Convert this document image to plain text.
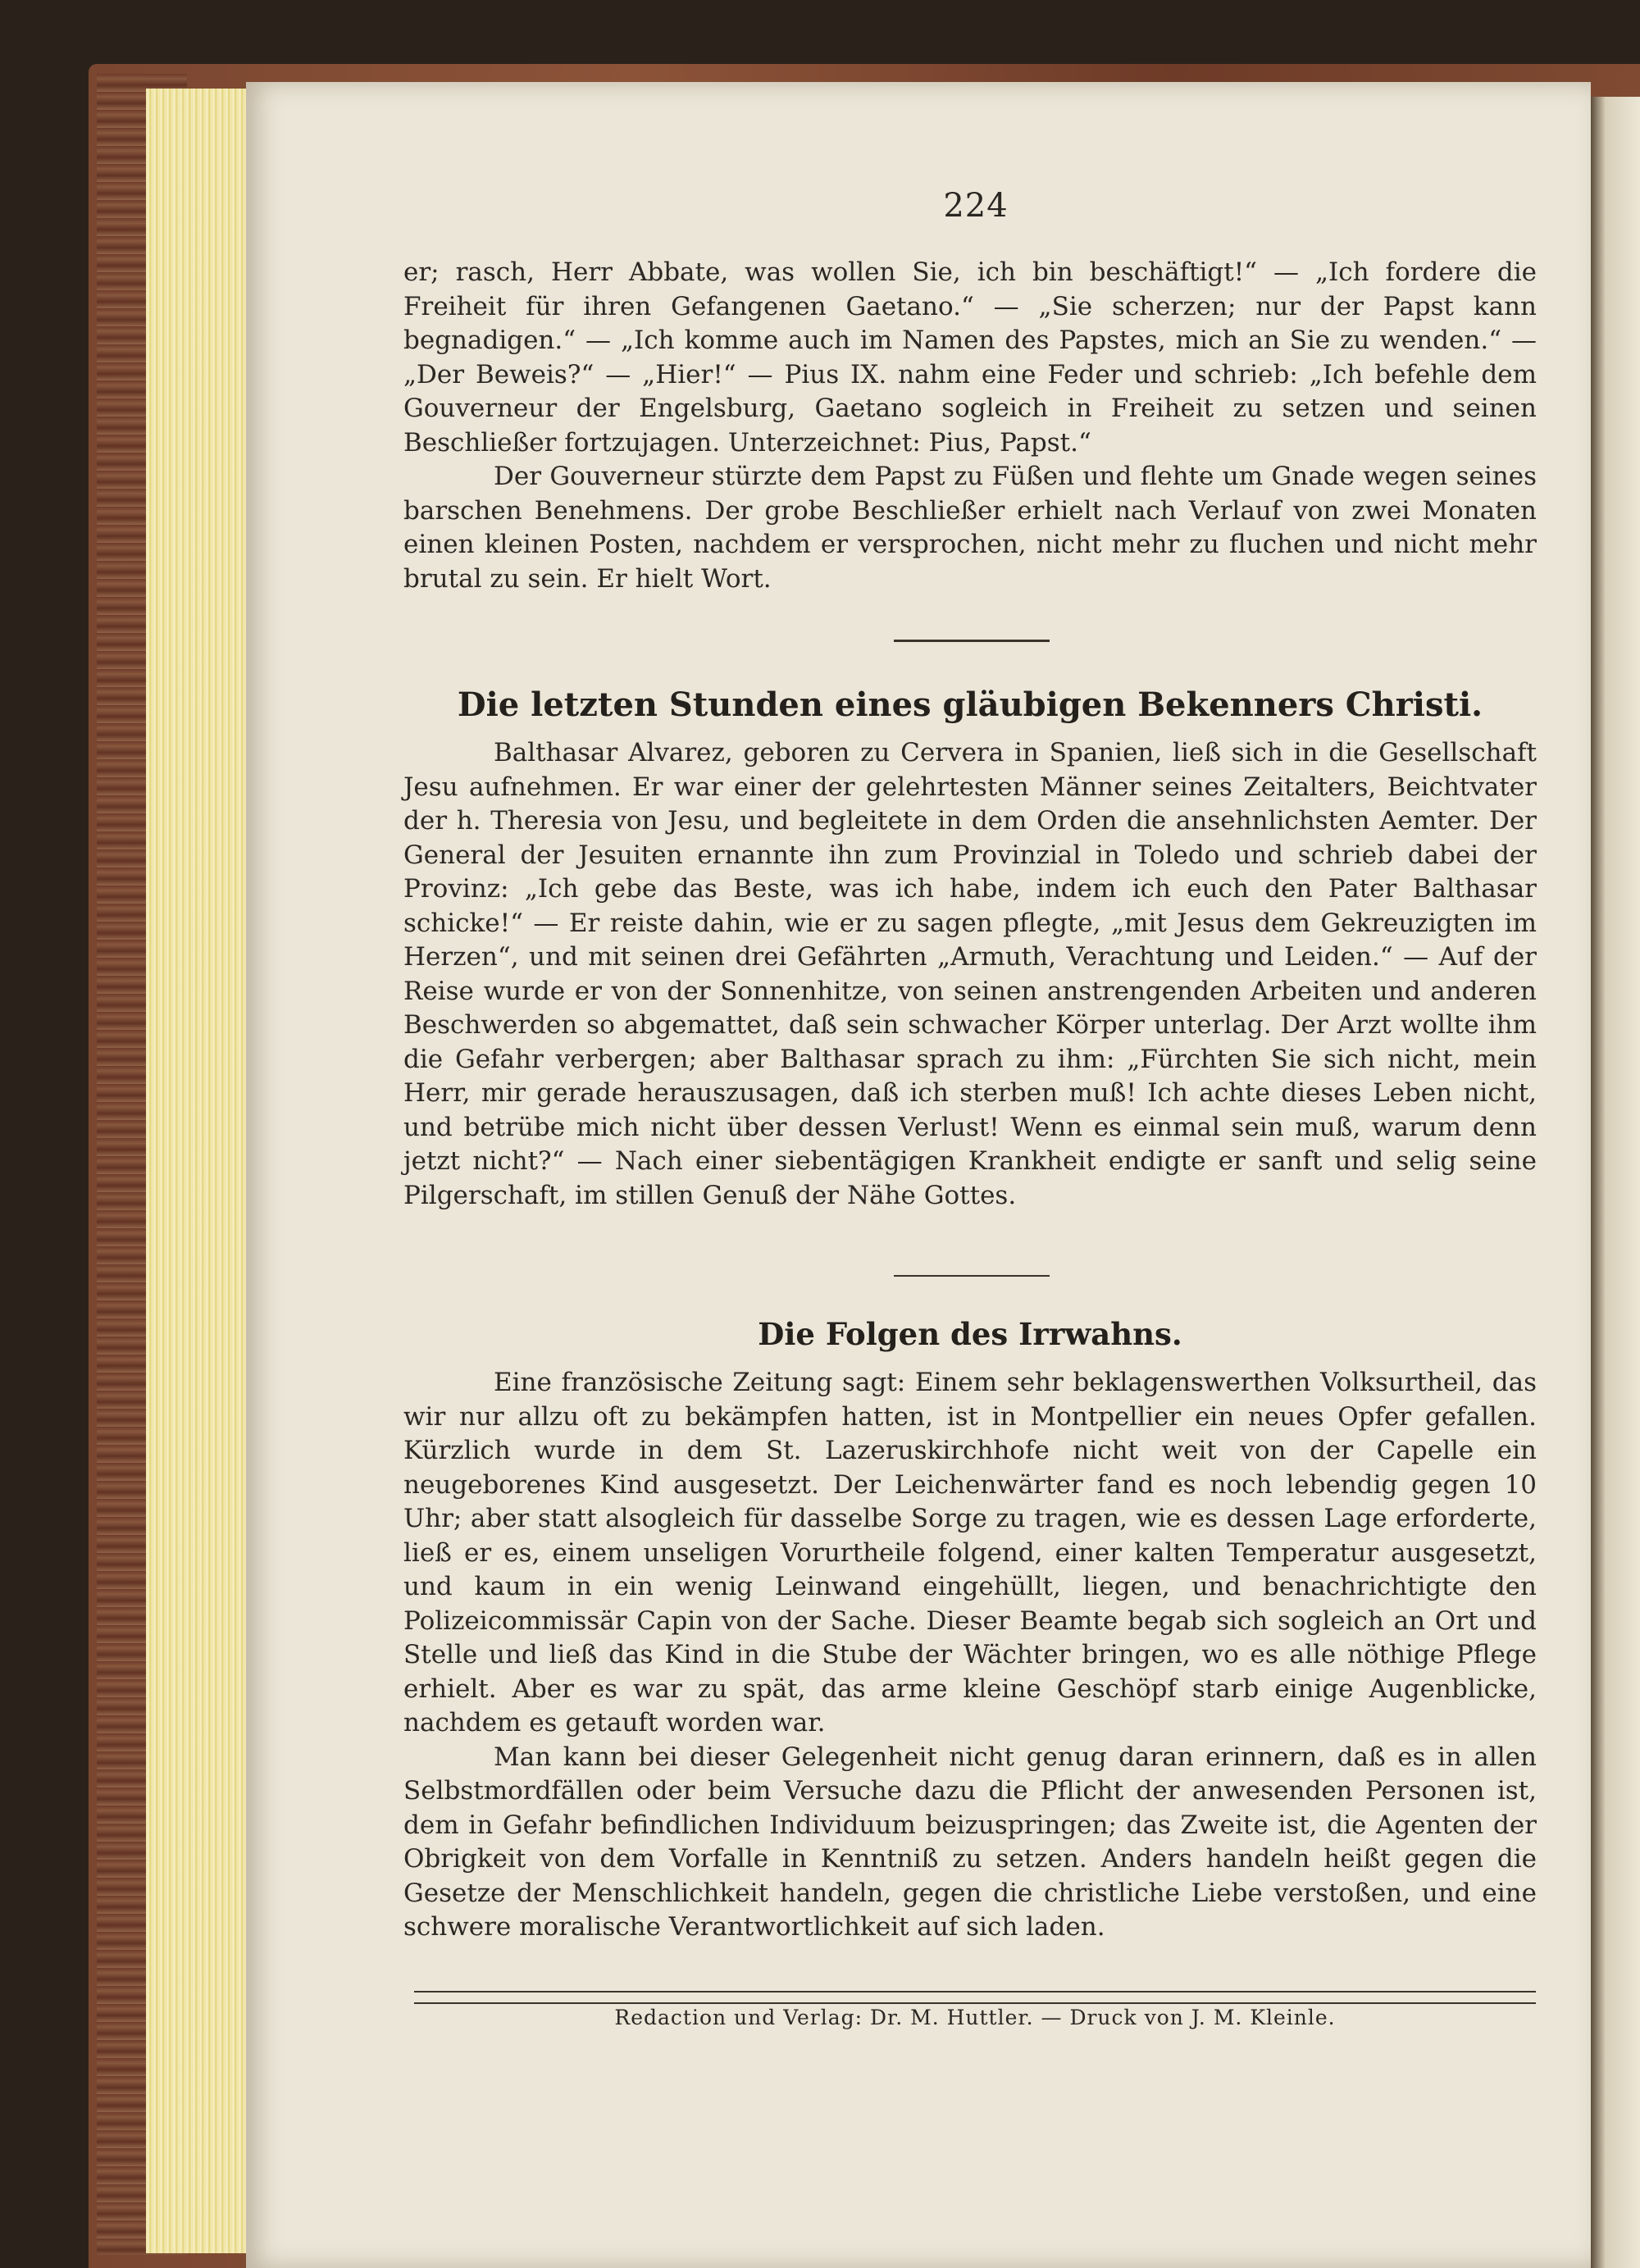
224

er; rasch, Herr Abbate, was wollen Sie, ich bin beschäftigt!“ — „Ich fordere die Freiheit für ihren Gefangenen Gaetano.“ — „Sie scherzen; nur der Papst kann begnadigen.“ — „Ich komme auch im Namen des Papstes, mich an Sie zu wenden.“ — „Der Beweis?“ — „Hier!“ — Pius IX. nahm eine Feder und schrieb: „Ich befehle dem Gouverneur der Engelsburg, Gaetano sogleich in Freiheit zu setzen und seinen Beschließer fortzujagen. Unterzeichnet: Pius, Papst.“

Der Gouverneur stürzte dem Papst zu Füßen und flehte um Gnade wegen seines barschen Benehmens. Der grobe Beschließer erhielt nach Verlauf von zwei Monaten einen kleinen Posten, nachdem er versprochen, nicht mehr zu fluchen und nicht mehr brutal zu sein. Er hielt Wort.

Die letzten Stunden eines gläubigen Bekenners Christi.

Balthasar Alvarez, geboren zu Cervera in Spanien, ließ sich in die Gesellschaft Jesu aufnehmen. Er war einer der gelehrtesten Männer seines Zeitalters, Beichtvater der h. Theresia von Jesu, und begleitete in dem Orden die ansehnlichsten Aemter. Der General der Jesuiten ernannte ihn zum Provinzial in Toledo und schrieb dabei der Provinz: „Ich gebe das Beste, was ich habe, indem ich euch den Pater Balthasar schicke!“ — Er reiste dahin, wie er zu sagen pflegte, „mit Jesus dem Gekreuzigten im Herzen“, und mit seinen drei Gefährten „Armuth, Verachtung und Leiden.“ — Auf der Reise wurde er von der Sonnenhitze, von seinen anstrengenden Arbeiten und anderen Beschwerden so abgemattet, daß sein schwacher Körper unterlag. Der Arzt wollte ihm die Gefahr verbergen; aber Balthasar sprach zu ihm: „Fürchten Sie sich nicht, mein Herr, mir gerade herauszusagen, daß ich sterben muß! Ich achte dieses Leben nicht, und betrübe mich nicht über dessen Verlust! Wenn es einmal sein muß, warum denn jetzt nicht?“ — Nach einer siebentägigen Krankheit endigte er sanft und selig seine Pilgerschaft, im stillen Genuß der Nähe Gottes.

Die Folgen des Irrwahns.

Eine französische Zeitung sagt: Einem sehr beklagenswerthen Volksurtheil, das wir nur allzu oft zu bekämpfen hatten, ist in Montpellier ein neues Opfer gefallen. Kürzlich wurde in dem St. Lazeruskirchhofe nicht weit von der Capelle ein neugeborenes Kind ausgesetzt. Der Leichenwärter fand es noch lebendig gegen 10 Uhr; aber statt alsogleich für dasselbe Sorge zu tragen, wie es dessen Lage erforderte, ließ er es, einem unseligen Vorurtheile folgend, einer kalten Temperatur ausgesetzt, und kaum in ein wenig Leinwand eingehüllt, liegen, und benachrichtigte den Polizeicommissär Capin von der Sache. Dieser Beamte begab sich sogleich an Ort und Stelle und ließ das Kind in die Stube der Wächter bringen, wo es alle nöthige Pflege erhielt. Aber es war zu spät, das arme kleine Geschöpf starb einige Augenblicke, nachdem es getauft worden war.

Man kann bei dieser Gelegenheit nicht genug daran erinnern, daß es in allen Selbstmordfällen oder beim Versuche dazu die Pflicht der anwesenden Personen ist, dem in Gefahr befindlichen Individuum beizuspringen; das Zweite ist, die Agenten der Obrigkeit von dem Vorfalle in Kenntniß zu setzen. Anders handeln heißt gegen die Gesetze der Menschlichkeit handeln, gegen die christliche Liebe verstoßen, und eine schwere moralische Verantwortlichkeit auf sich laden.

Redaction und Verlag: Dr. M. Huttler. — Druck von J. M. Kleinle.
